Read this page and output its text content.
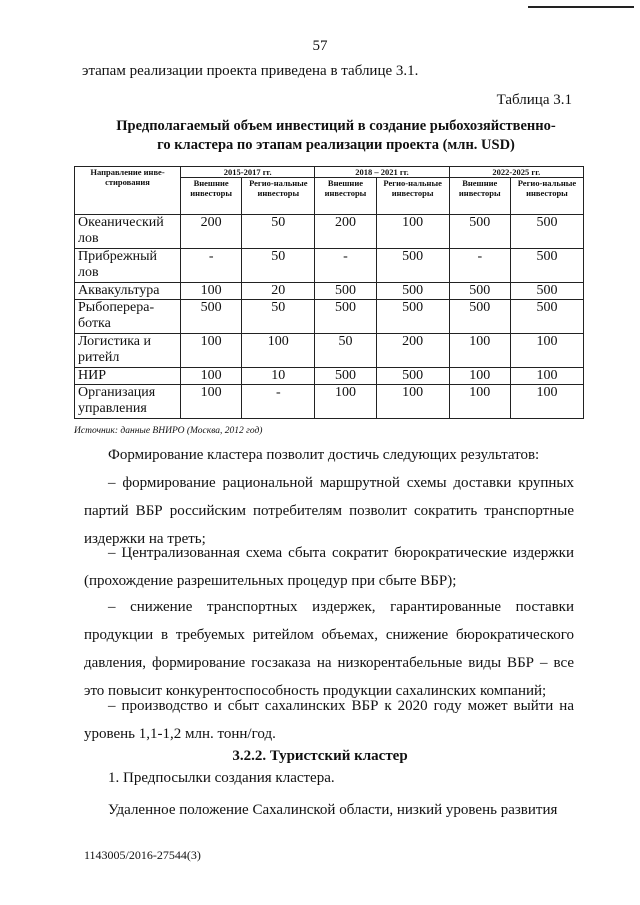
57
этапам реализации проекта приведена в таблице 3.1.
Таблица 3.1
Предполагаемый объем инвестиций в создание рыбохозяйственно-
го кластера по этапам реализации проекта (млн. USD)
Направление инве-стирования	2015-2017 гг.		2018 – 2021 гг.		2022-2025 гг.	
	Внешние инвесторы	Регио-нальные инвесторы	Внешние инвесторы	Регио-нальные инвесторы	Внешние инвесторы	Регио-нальные инвесторы
Океанический лов	200	50	200	100	500	500
Прибрежный лов	-	50	-	500	-	500
Аквакультура	100	20	500	500	500	500
Рыбоперера-ботка	500	50	500	500	500	500
Логистика и ритейл	100	100	50	200	100	100
НИР	100	10	500	500	100	100
Организация управления	100	-	100	100	100	100
Источник: данные ВНИРО (Москва, 2012 год)
Формирование кластера позволит достичь следующих результатов:
– формирование рациональной маршрутной схемы доставки крупных партий ВБР российским потребителям позволит сократить транспортные издержки на треть;
– Централизованная схема сбыта сократит бюрократические издержки (прохождение разрешительных процедур при сбыте ВБР);
– снижение транспортных издержек, гарантированные поставки продукции в требуемых ритейлом объемах, снижение бюрократического давления, формирование госзаказа на низкорентабельные виды ВБР – все это повысит конкурентоспособность продукции сахалинских компаний;
– производство и сбыт сахалинских ВБР к 2020 году может выйти на уровень 1,1-1,2 млн. тонн/год.
3.2.2. Туристский кластер
1. Предпосылки создания кластера.
Удаленное положение Сахалинской области, низкий уровень развития
1143005/2016-27544(3)
